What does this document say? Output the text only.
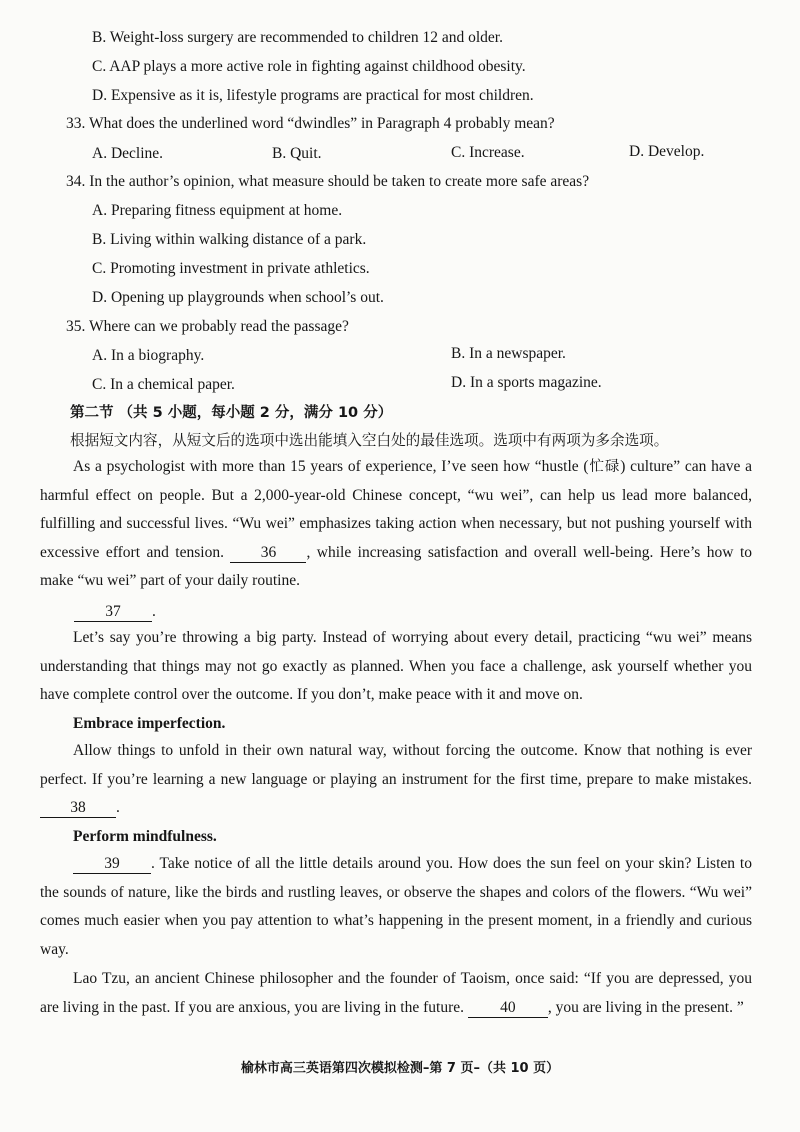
B. Weight-loss surgery are recommended to children 12 and older.
C. AAP plays a more active role in fighting against childhood obesity.
D. Expensive as it is, lifestyle programs are practical for most children.
33. What does the underlined word “dwindles” in Paragraph 4 probably mean?
A. Decline.	B. Quit.	C. Increase.	D. Develop.
34. In the author’s opinion, what measure should be taken to create more safe areas?
A. Preparing fitness equipment at home.
B. Living within walking distance of a park.
C. Promoting investment in private athletics.
D. Opening up playgrounds when school’s out.
35. Where can we probably read the passage?
A. In a biography.	B. In a newspaper.
C. In a chemical paper.	D. In a sports magazine.
第二节 （共 5 小题，每小题 2 分，满分 10 分）
根据短文内容，从短文后的选项中选出能填入空白处的最佳选项。选项中有两项为多余选项。
As a psychologist with more than 15 years of experience, I’ve seen how “hustle (忙碌) culture” can have a harmful effect on people. But a 2,000-year-old Chinese concept, “wu wei”, can help us lead more balanced, fulfilling and successful lives. “Wu wei” emphasizes taking action when necessary, but not pushing yourself with excessive effort and tension. 36 , while increasing satisfaction and overall well-being. Here’s how to make “wu wei” part of your daily routine.
37 .
Let’s say you’re throwing a big party. Instead of worrying about every detail, practicing “wu wei” means understanding that things may not go exactly as planned. When you face a challenge, ask yourself whether you have complete control over the outcome. If you don’t, make peace with it and move on.
Embrace imperfection.
Allow things to unfold in their own natural way, without forcing the outcome. Know that nothing is ever perfect. If you’re learning a new language or playing an instrument for the first time, prepare to make mistakes. 38 .
Perform mindfulness.
39 . Take notice of all the little details around you. How does the sun feel on your skin? Listen to the sounds of nature, like the birds and rustling leaves, or observe the shapes and colors of the flowers. “Wu wei” comes much easier when you pay attention to what’s happening in the present moment, in a friendly and curious way.
Lao Tzu, an ancient Chinese philosopher and the founder of Taoism, once said: “If you are depressed, you are living in the past. If you are anxious, you are living in the future. 40 , you are living in the present. ”
榆林市高三英语第四次模拟检测–第 7 页–（共 10 页）
